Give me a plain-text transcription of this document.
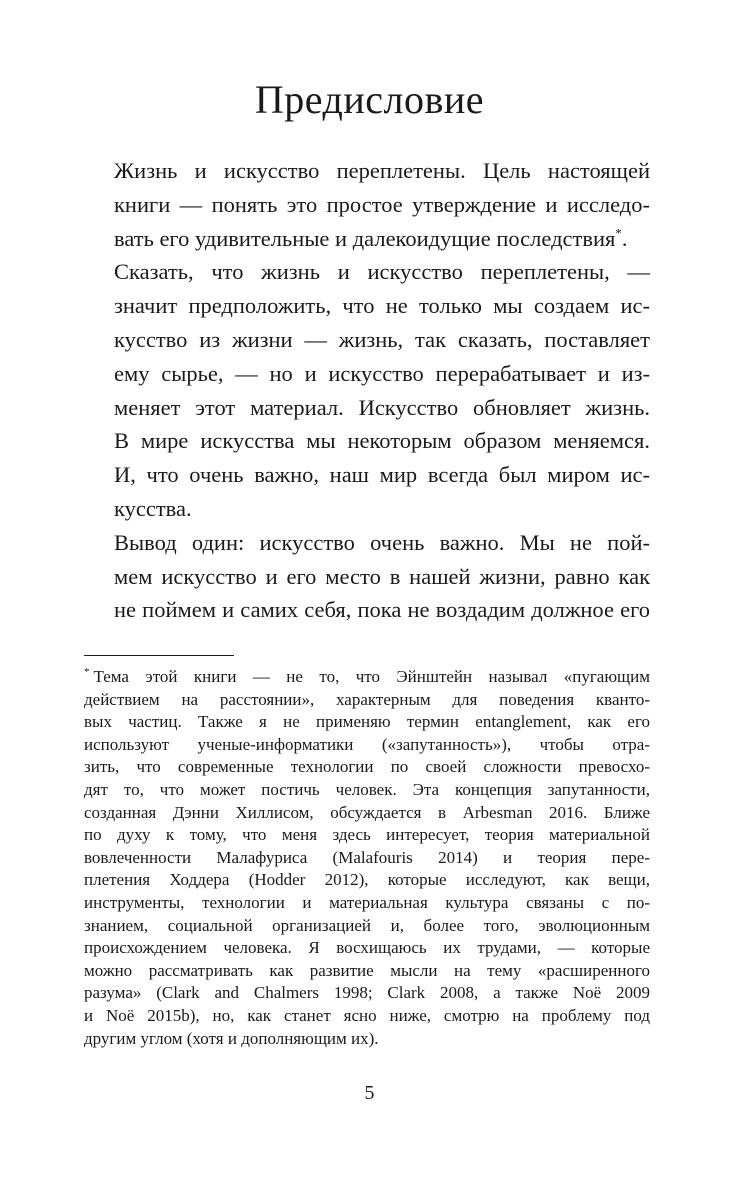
Предисловие

Жизнь и искусство переплетены. Цель настоящей
книги — понять это простое утверждение и исследо-
вать его удивительные и далекоидущие последствия*.

Сказать, что жизнь и искусство переплетены, —
значит предположить, что не только мы создаем ис-
кусство из жизни — жизнь, так сказать, поставляет
ему сырье, — но и искусство перерабатывает и из-
меняет этот материал. Искусство обновляет жизнь.
В мире искусства мы некоторым образом меняемся.
И, что очень важно, наш мир всегда был миром ис-
кусства.

Вывод один: искусство очень важно. Мы не пой-
мем искусство и его место в нашей жизни, равно как
не поймем и самих себя, пока не воздадим должное его

* Тема этой книги — не то, что Эйнштейн называл «пугающим
действием на расстоянии», характерным для поведения кванто-
вых частиц. Также я не применяю термин entanglement, как его
используют ученые-информатики («запутанность»), чтобы отра-
зить, что современные технологии по своей сложности превосхо-
дят то, что может постичь человек. Эта концепция запутанности,
созданная Дэнни Хиллисом, обсуждается в Arbesman 2016. Ближе
по духу к тому, что меня здесь интересует, теория материальной
вовлеченности Малафуриса (Malafouris 2014) и теория пере-
плетения Ходдера (Hodder 2012), которые исследуют, как вещи,
инструменты, технологии и материальная культура связаны с по-
знанием, социальной организацией и, более того, эволюционным
происхождением человека. Я восхищаюсь их трудами, — которые
можно рассматривать как развитие мысли на тему «расширенного
разума» (Clark and Chalmers 1998; Clark 2008, а также Noë 2009
и Noë 2015b), но, как станет ясно ниже, смотрю на проблему под
другим углом (хотя и дополняющим их).
5
